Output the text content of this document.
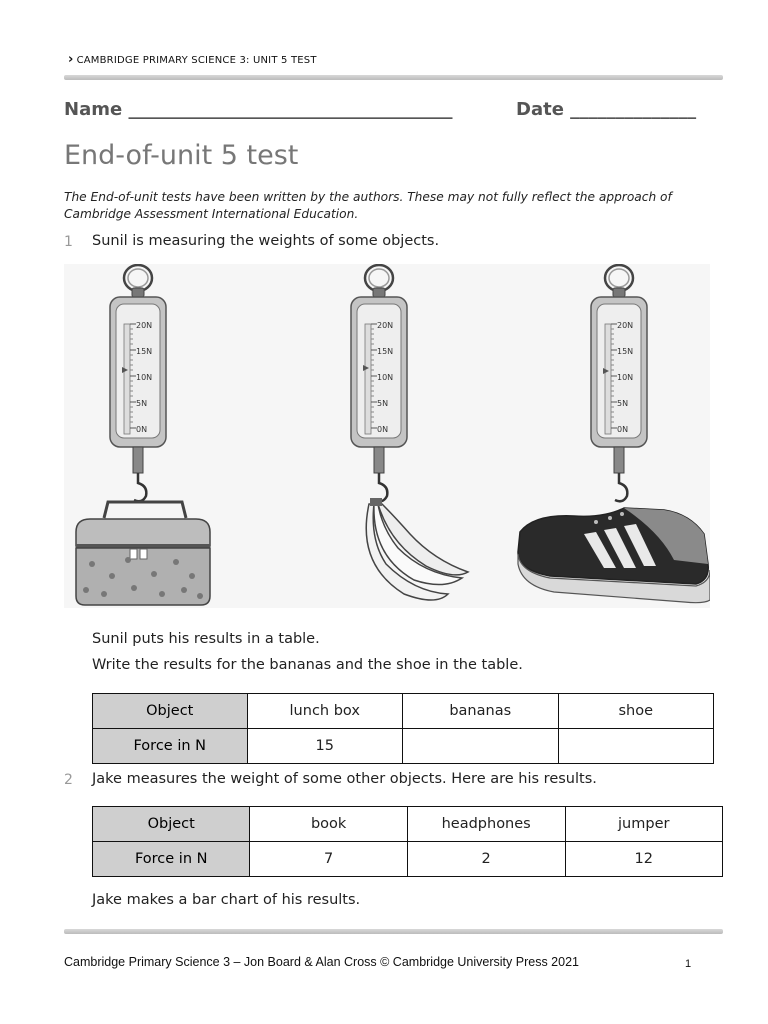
› CAMBRIDGE PRIMARY SCIENCE 3: UNIT 5 TEST
Name ____________________________________	Date ______________
End-of-unit 5 test
The End-of-unit tests have been written by the authors. These may not fully reflect the approach of Cambridge Assessment International Education.
1 Sunil is measuring the weights of some objects.
20N
15N
10N
5N
0N
20N
15N
10N
5N
0N
20N
15N
10N
5N
0N
Sunil puts his results in a table.
Write the results for the bananas and the shoe in the table.
Object	lunch box	bananas	shoe
Force in N	15		
2 Jake measures the weight of some other objects. Here are his results.
Object	book	headphones	jumper
Force in N	7	2	12
Jake makes a bar chart of his results.
Cambridge Primary Science 3 – Jon Board & Alan Cross © Cambridge University Press 2021	1
